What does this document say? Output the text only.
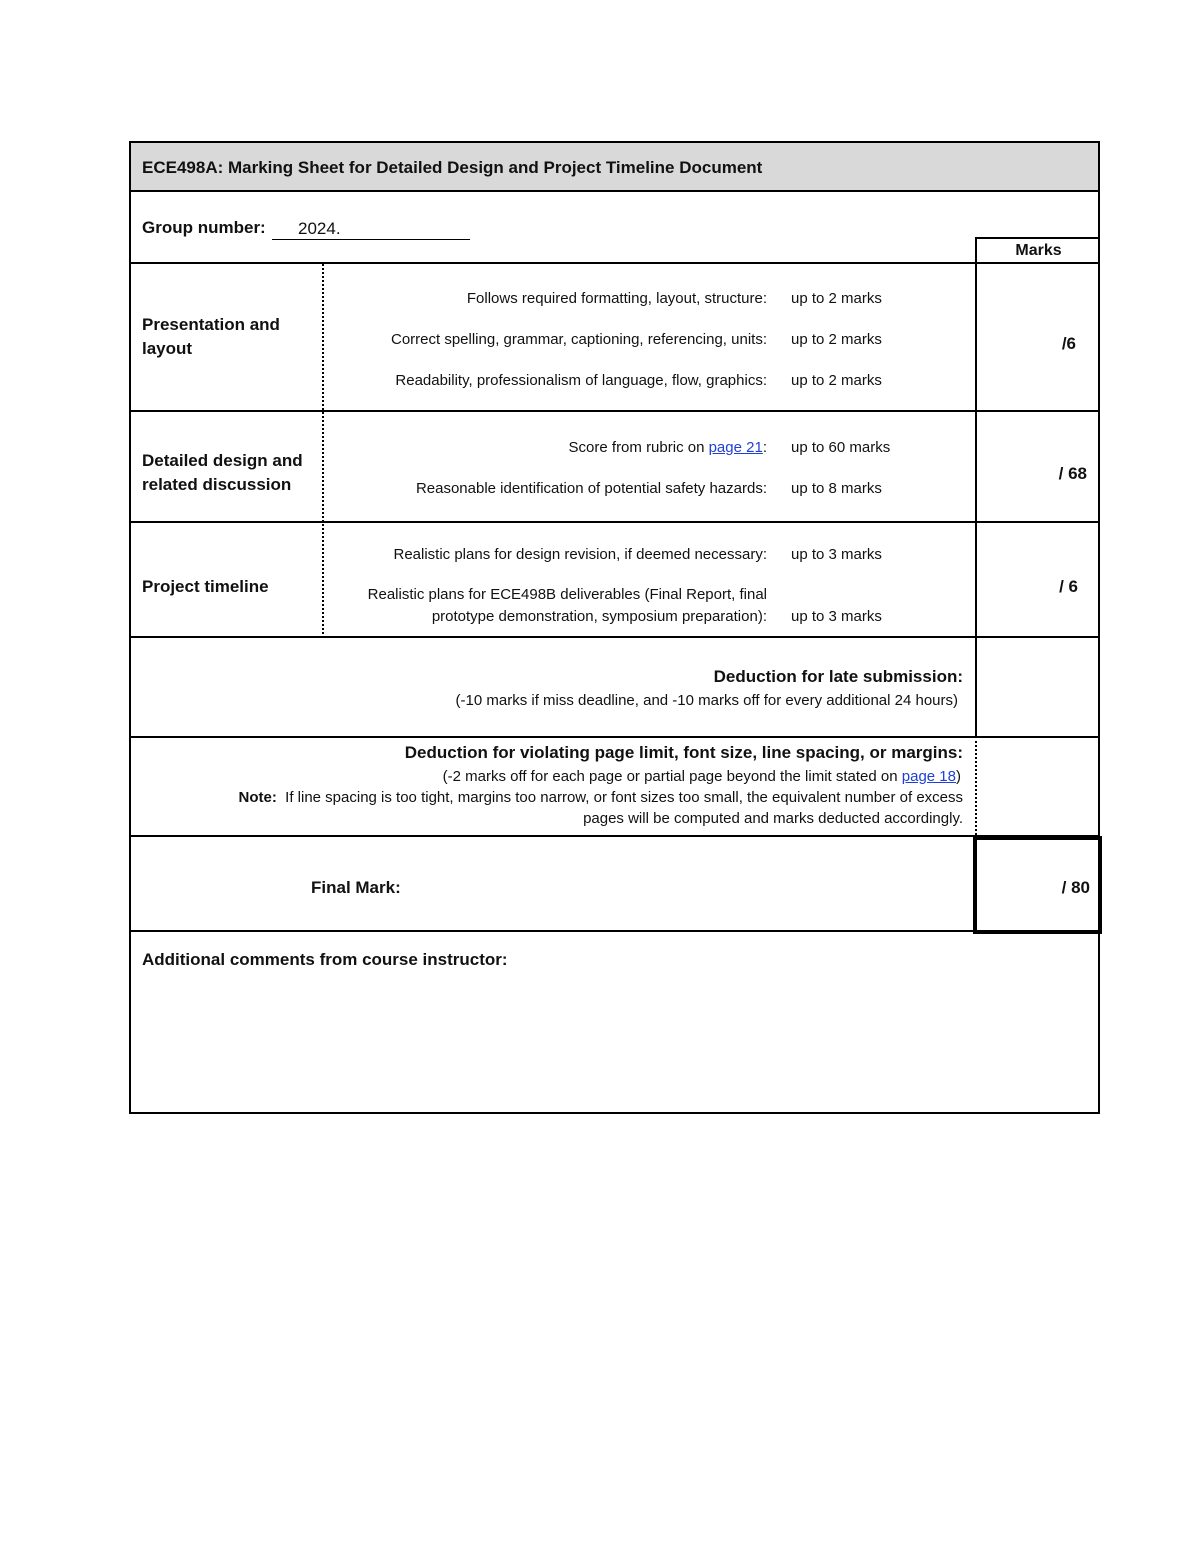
ECE498A: Marking Sheet for Detailed Design and Project Timeline Document
Group number: 2024.
Marks
Presentation and layout
Follows required formatting, layout, structure: up to 2 marks
Correct spelling, grammar, captioning, referencing, units: up to 2 marks
Readability, professionalism of language, flow, graphics: up to 2 marks
/6
Detailed design and related discussion
Score from rubric on page 21: up to 60 marks
Reasonable identification of potential safety hazards: up to 8 marks
/ 68
Project timeline
Realistic plans for design revision, if deemed necessary: up to 3 marks
Realistic plans for ECE498B deliverables (Final Report, final
prototype demonstration, symposium preparation): up to 3 marks
/ 6
Deduction for late submission:
(-10 marks if miss deadline, and -10 marks off for every additional 24 hours)
Deduction for violating page limit, font size, line spacing, or margins:
(-2 marks off for each page or partial page beyond the limit stated on page 18)
Note: If line spacing is too tight, margins too narrow, or font sizes too small, the equivalent number of excess
pages will be computed and marks deducted accordingly.
Final Mark:	/ 80
Additional comments from course instructor:
